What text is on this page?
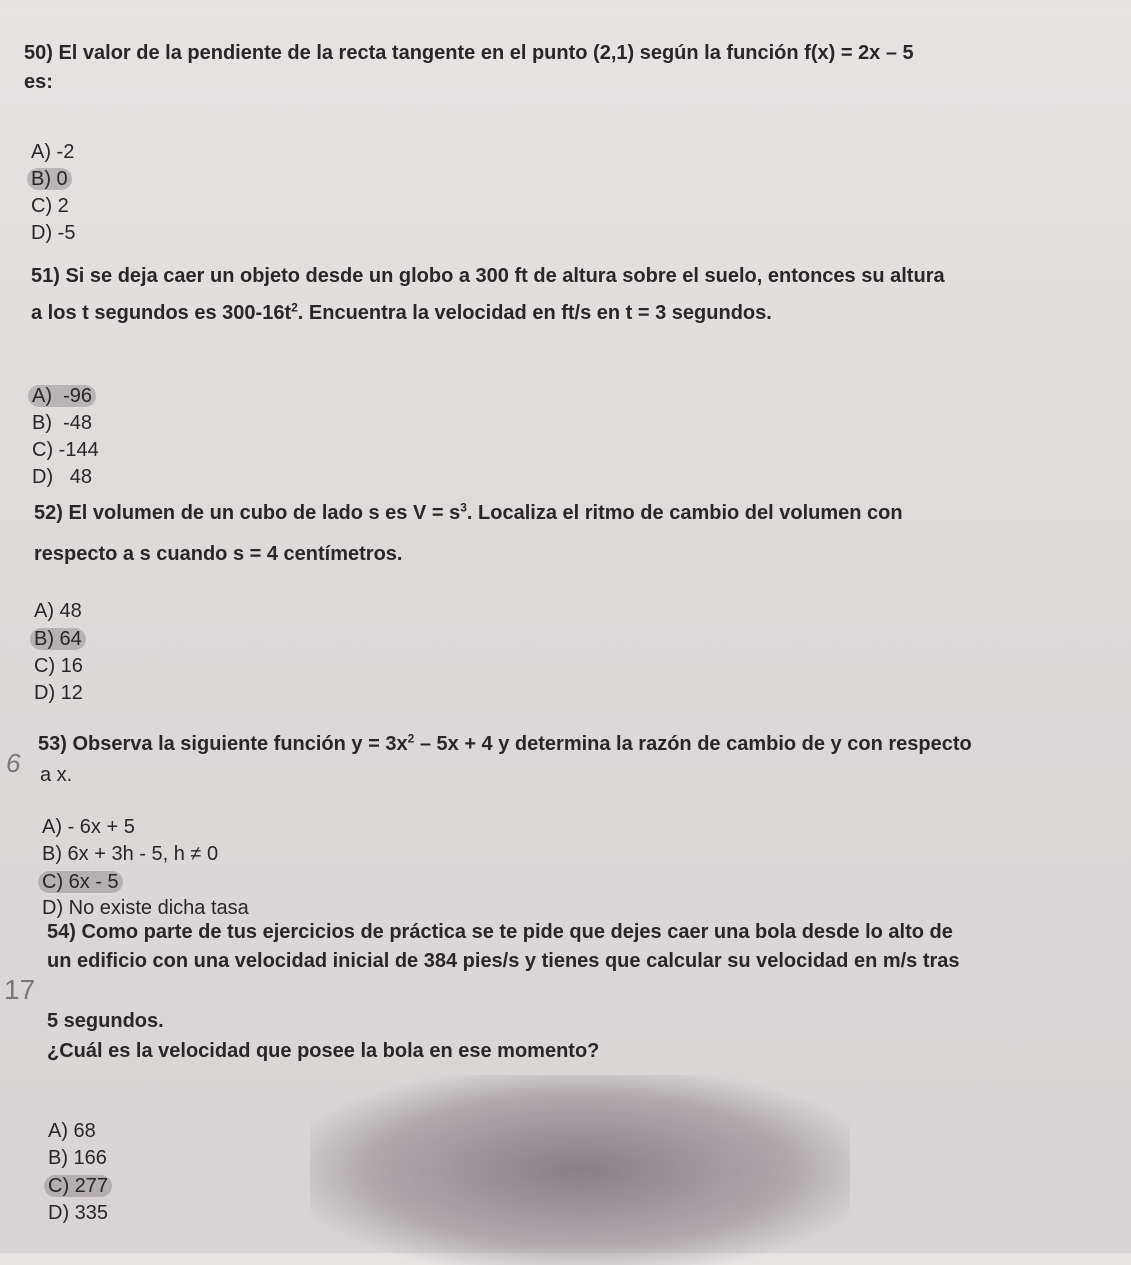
50) El valor de la pendiente de la recta tangente en el punto (2,1) según la función f(x) = 2x – 5
es:
A) -2
B) 0
C) 2
D) -5
51) Si se deja caer un objeto desde un globo a 300 ft de altura sobre el suelo, entonces su altura
a los t segundos es $300-16t^2$. Encuentra la velocidad en ft/s en t = 3 segundos.
A)  -96
B)  -48
C) -144
D)   48
52) El volumen de un cubo de lado s es $V = s^3$. Localiza el ritmo de cambio del volumen con
respecto a s cuando s = 4 centímetros.
A) 48
B) 64
C) 16
D) 12
6
53) Observa la siguiente función $y = 3x^2 - 5x + 4$ y determina la razón de cambio de y con respecto
a x.
A) - 6x + 5
B) 6x + 3h - 5, h ≠ 0
C) 6x - 5
D) No existe dicha tasa
17
54) Como parte de tus ejercicios de práctica se te pide que dejes caer una bola desde lo alto de
un edificio con una velocidad inicial de 384 pies/s y tienes que calcular su velocidad en m/s tras
5 segundos.
¿Cuál es la velocidad que posee la bola en ese momento?
A) 68
B) 166
C) 277
D) 335
